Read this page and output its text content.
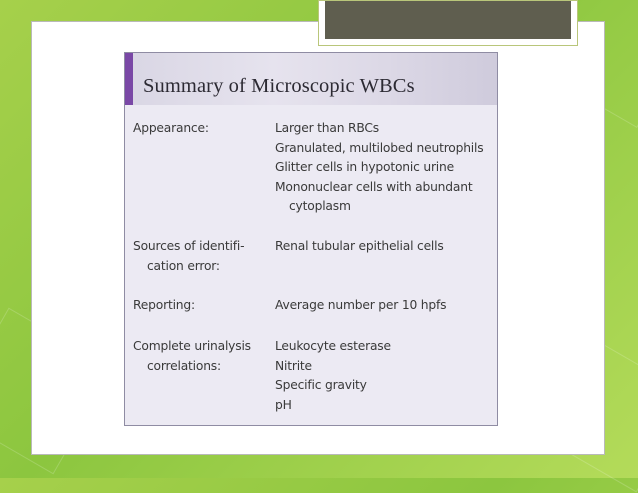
Summary of Microscopic WBCs
Appearance:	Larger than RBCs
Granulated, multilobed neutrophils
Glitter cells in hypotonic urine
Mononuclear cells with abundant
cytoplasm
Sources of identifi-
cation error:
Renal tubular epithelial cells
Reporting:	Average number per 10 hpfs
Complete urinalysis
correlations:
Leukocyte esterase
Nitrite
Specific gravity
pH
